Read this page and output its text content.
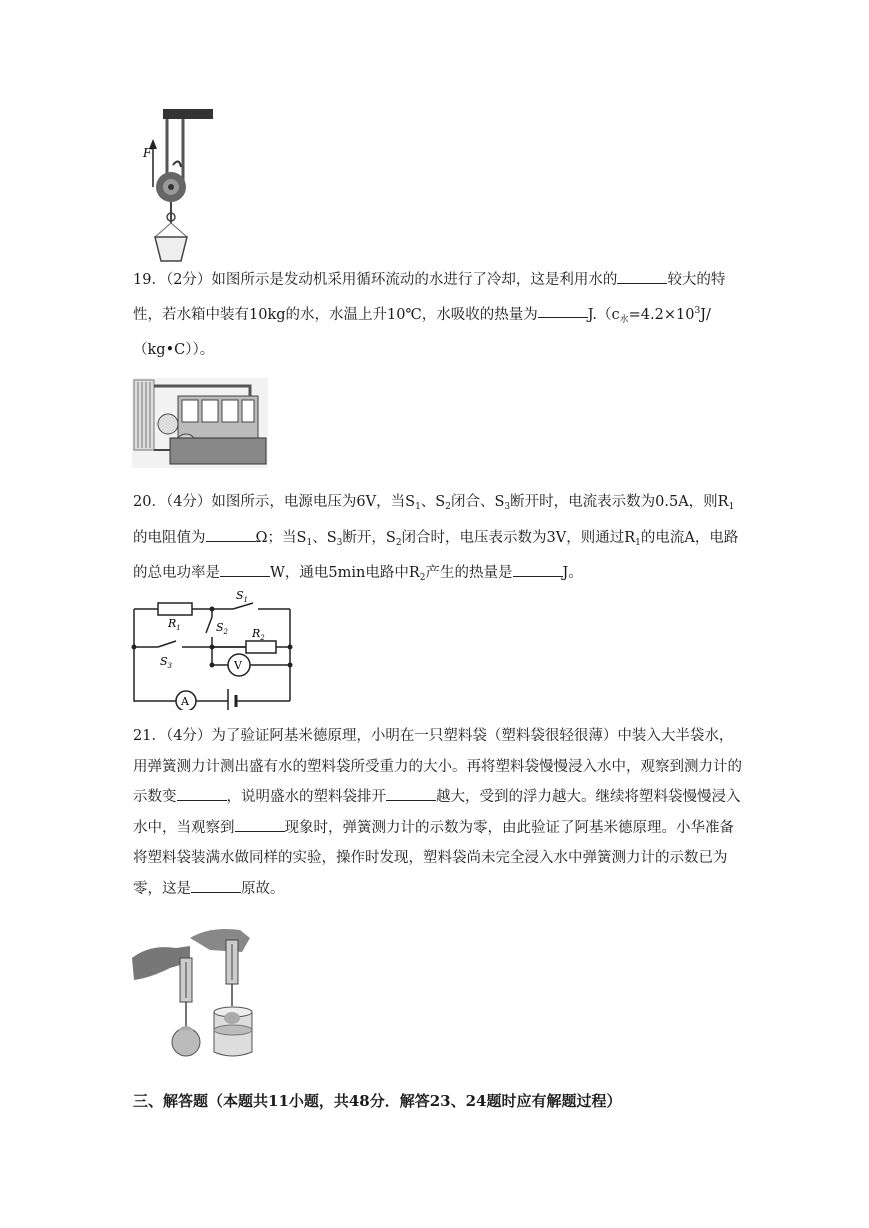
F

19．（2分）如图所示是发动机采用循环流动的水进行了冷却，这是利用水的	较大的特性，若水箱中装有10kg的水，水温上升10℃，水吸收的热量为	$J.(c_水=4.2\times 10^3J/(kg•C))$。

20．（4分）如图所示，电源电压为6V，当$S_1$、$S_2$闭合、$S_3$断开时，电流表示数为0.5A，则$R_1$的电阻值为	Ω；当$S_1$、$S_3$断开，$S_2$闭合时，电压表示数为3V，则通过$R_1$的电流A，电路的总电功率是	W，通电5min电路中$R_2$产生的热量是	J。

$R_1$	$R_2$
$S_1$
$S_2$
$S_3$	V
A

21．（4分）为了验证阿基米德原理，小明在一只塑料袋（塑料袋很轻很薄）中装入大半袋水，用弹簧测力计测出盛有水的塑料袋所受重力的大小。再将塑料袋慢慢浸入水中，观察到测力计的示数变	，说明盛水的塑料袋排开	越大，受到的浮力越大。继续将塑料袋慢慢浸入水中，当观察到	现象时，弹簧测力计的示数为零，由此验证了阿基米德原理。小华准备将塑料袋装满水做同样的实验，操作时发现，塑料袋尚未完全浸入水中弹簧测力计的示数已为零，这是	原故。

三、解答题（本题共11小题，共48分．解答23、24题时应有解题过程）
